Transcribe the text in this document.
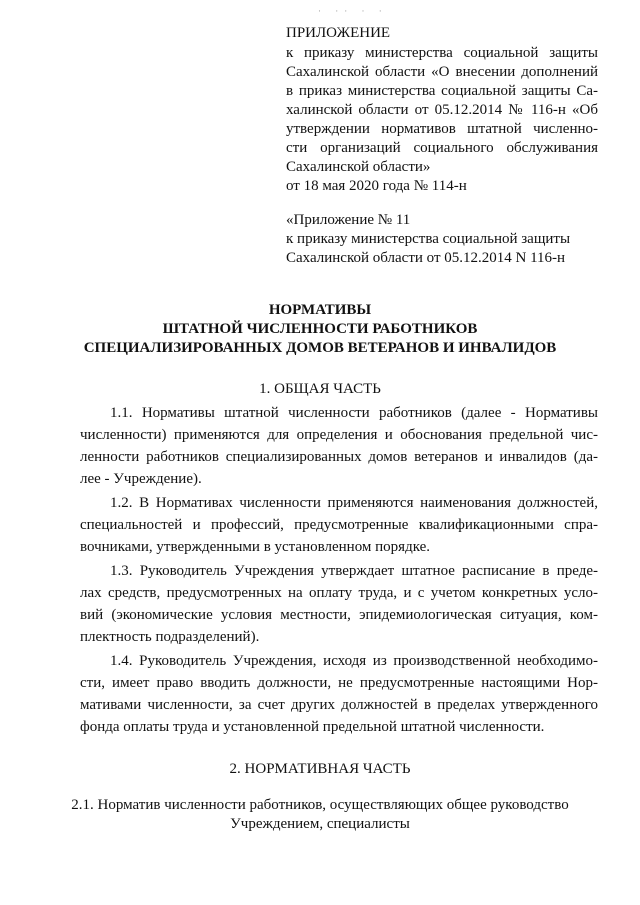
· ·· · ·
ПРИЛОЖЕНИЕ
к приказу министерства социальной защиты
Сахалинской области «О внесении дополнений
в приказ министерства социальной защиты Са-
халинской области от 05.12.2014 № 116-н «Об
утверждении нормативов штатной численно-
сти организаций социального обслуживания
Сахалинской области»
от 18 мая 2020 года № 114-н
«Приложение № 11
к приказу министерства социальной защиты
Сахалинской области от 05.12.2014 N 116-н
НОРМАТИВЫ
ШТАТНОЙ ЧИСЛЕННОСТИ РАБОТНИКОВ
СПЕЦИАЛИЗИРОВАННЫХ ДОМОВ ВЕТЕРАНОВ И ИНВАЛИДОВ
1. ОБЩАЯ ЧАСТЬ
1.1. Нормативы штатной численности работников (далее - Нормативы
численности) применяются для определения и обоснования предельной чис-
ленности работников специализированных домов ветеранов и инвалидов (да-
лее - Учреждение).
1.2. В Нормативах численности применяются наименования должностей,
специальностей и профессий, предусмотренные квалификационными спра-
вочниками, утвержденными в установленном порядке.
1.3. Руководитель Учреждения утверждает штатное расписание в преде-
лах средств, предусмотренных на оплату труда, и с учетом конкретных усло-
вий (экономические условия местности, эпидемиологическая ситуация, ком-
плектность подразделений).
1.4. Руководитель Учреждения, исходя из производственной необходимо-
сти, имеет право вводить должности, не предусмотренные настоящими Нор-
мативами численности, за счет других должностей в пределах утвержденного
фонда оплаты труда и установленной предельной штатной численности.
2. НОРМАТИВНАЯ ЧАСТЬ
2.1. Норматив численности работников, осуществляющих общее руководство
Учреждением, специалисты
